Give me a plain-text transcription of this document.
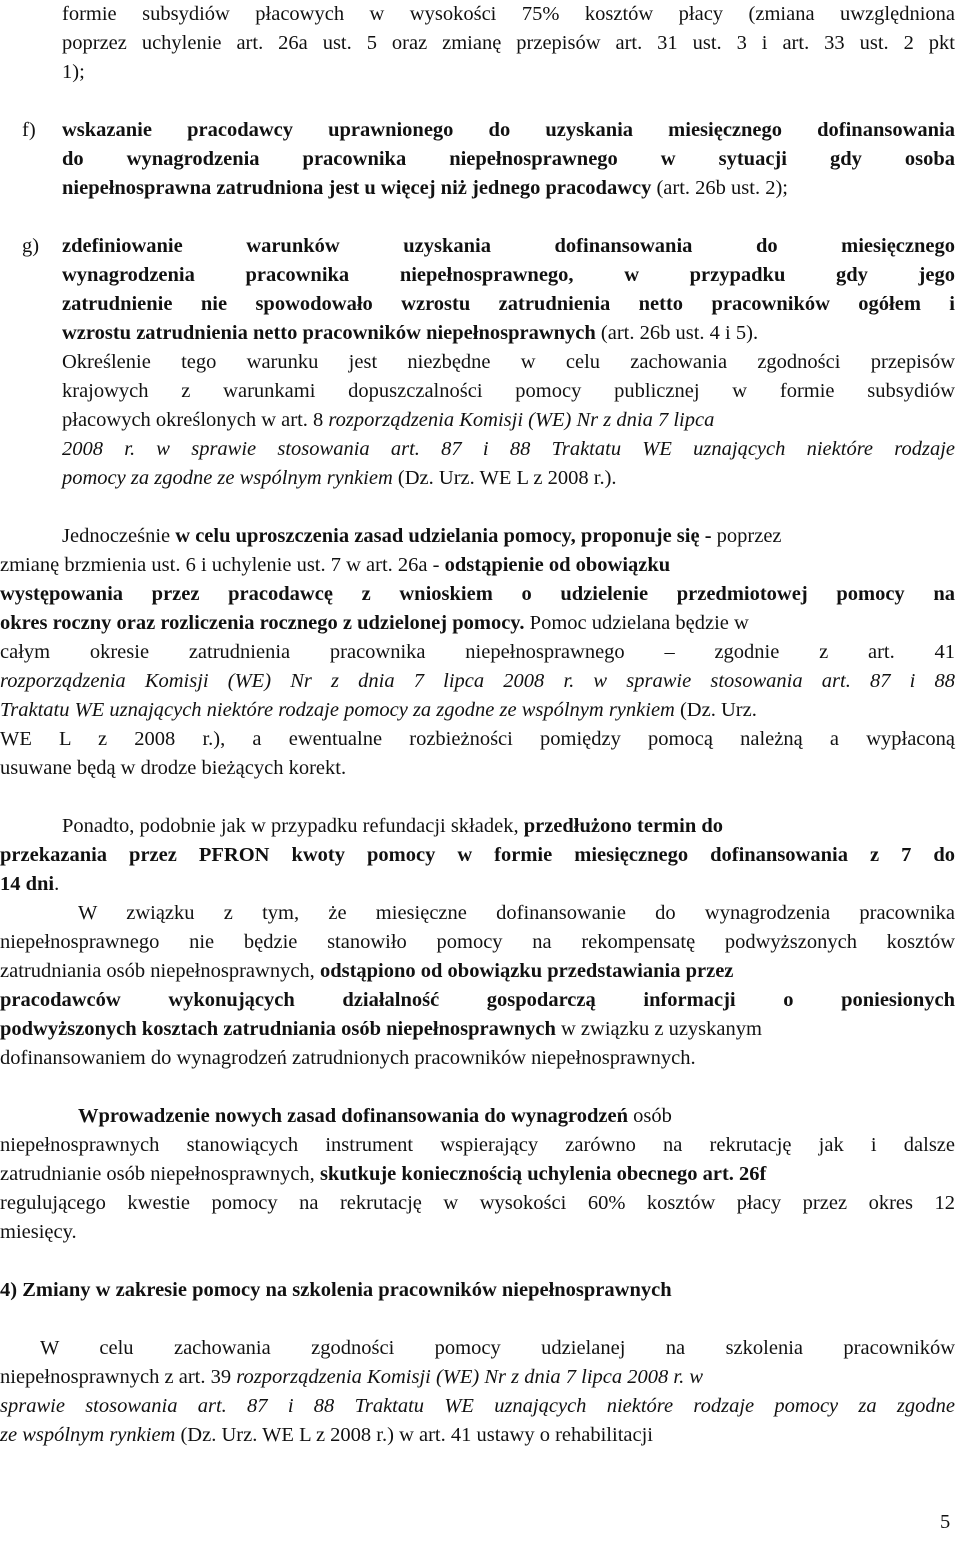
formie subsydiów płacowych w wysokości 75% kosztów płacy (zmiana uwzględniona
poprzez uchylenie art. 26a ust. 5 oraz zmianę przepisów art. 31 ust. 3 i art. 33 ust. 2 pkt
1);
f) wskazanie pracodawcy uprawnionego do uzyskania miesięcznego dofinansowania
do wynagrodzenia pracownika niepełnosprawnego w sytuacji gdy osoba
niepełnosprawna zatrudniona jest u więcej niż jednego pracodawcy (art. 26b ust. 2);
g) zdefiniowanie warunków uzyskania dofinansowania do miesięcznego
wynagrodzenia pracownika niepełnosprawnego, w przypadku gdy jego
zatrudnienie nie spowodowało wzrostu zatrudnienia netto pracowników ogółem i
wzrostu zatrudnienia netto pracowników niepełnosprawnych (art. 26b ust. 4 i 5).
Określenie tego warunku jest niezbędne w celu zachowania zgodności przepisów
krajowych z warunkami dopuszczalności pomocy publicznej w formie subsydiów
płacowych określonych w art. 8 rozporządzenia Komisji (WE) Nr z dnia 7 lipca
2008 r. w sprawie stosowania art. 87 i 88 Traktatu WE uznających niektóre rodzaje
pomocy za zgodne ze wspólnym rynkiem (Dz. Urz. WE L z 2008 r.).
Jednocześnie w celu uproszczenia zasad udzielania pomocy, proponuje się - poprzez
zmianę brzmienia ust. 6 i uchylenie ust. 7 w art. 26a - odstąpienie od obowiązku
występowania przez pracodawcę z wnioskiem o udzielenie przedmiotowej pomocy na
okres roczny oraz rozliczenia rocznego z udzielonej pomocy. Pomoc udzielana będzie w
całym okresie zatrudnienia pracownika niepełnosprawnego – zgodnie z art. 41
rozporządzenia Komisji (WE) Nr z dnia 7 lipca 2008 r. w sprawie stosowania art. 87 i 88
Traktatu WE uznających niektóre rodzaje pomocy za zgodne ze wspólnym rynkiem (Dz. Urz.
WE L z 2008 r.), a ewentualne rozbieżności pomiędzy pomocą należną a wypłaconą
usuwane będą w drodze bieżących korekt.
Ponadto, podobnie jak w przypadku refundacji składek, przedłużono termin do
przekazania przez PFRON kwoty pomocy w formie miesięcznego dofinansowania z 7 do
14 dni.
W związku z tym, że miesięczne dofinansowanie do wynagrodzenia pracownika
niepełnosprawnego nie będzie stanowiło pomocy na rekompensatę podwyższonych kosztów
zatrudniania osób niepełnosprawnych, odstąpiono od obowiązku przedstawiania przez
pracodawców wykonujących działalność gospodarczą informacji o poniesionych
podwyższonych kosztach zatrudniania osób niepełnosprawnych w związku z uzyskanym
dofinansowaniem do wynagrodzeń zatrudnionych pracowników niepełnosprawnych.
Wprowadzenie nowych zasad dofinansowania do wynagrodzeń osób
niepełnosprawnych stanowiących instrument wspierający zarówno na rekrutację jak i dalsze
zatrudnianie osób niepełnosprawnych, skutkuje koniecznością uchylenia obecnego art. 26f
regulującego kwestie pomocy na rekrutację w wysokości 60% kosztów płacy przez okres 12
miesięcy.
4) Zmiany w zakresie pomocy na szkolenia pracowników niepełnosprawnych
W celu zachowania zgodności pomocy udzielanej na szkolenia pracowników
niepełnosprawnych z art. 39 rozporządzenia Komisji (WE) Nr z dnia 7 lipca 2008 r. w
sprawie stosowania art. 87 i 88 Traktatu WE uznających niektóre rodzaje pomocy za zgodne
ze wspólnym rynkiem (Dz. Urz. WE L z 2008 r.) w art. 41 ustawy o rehabilitacji
5
